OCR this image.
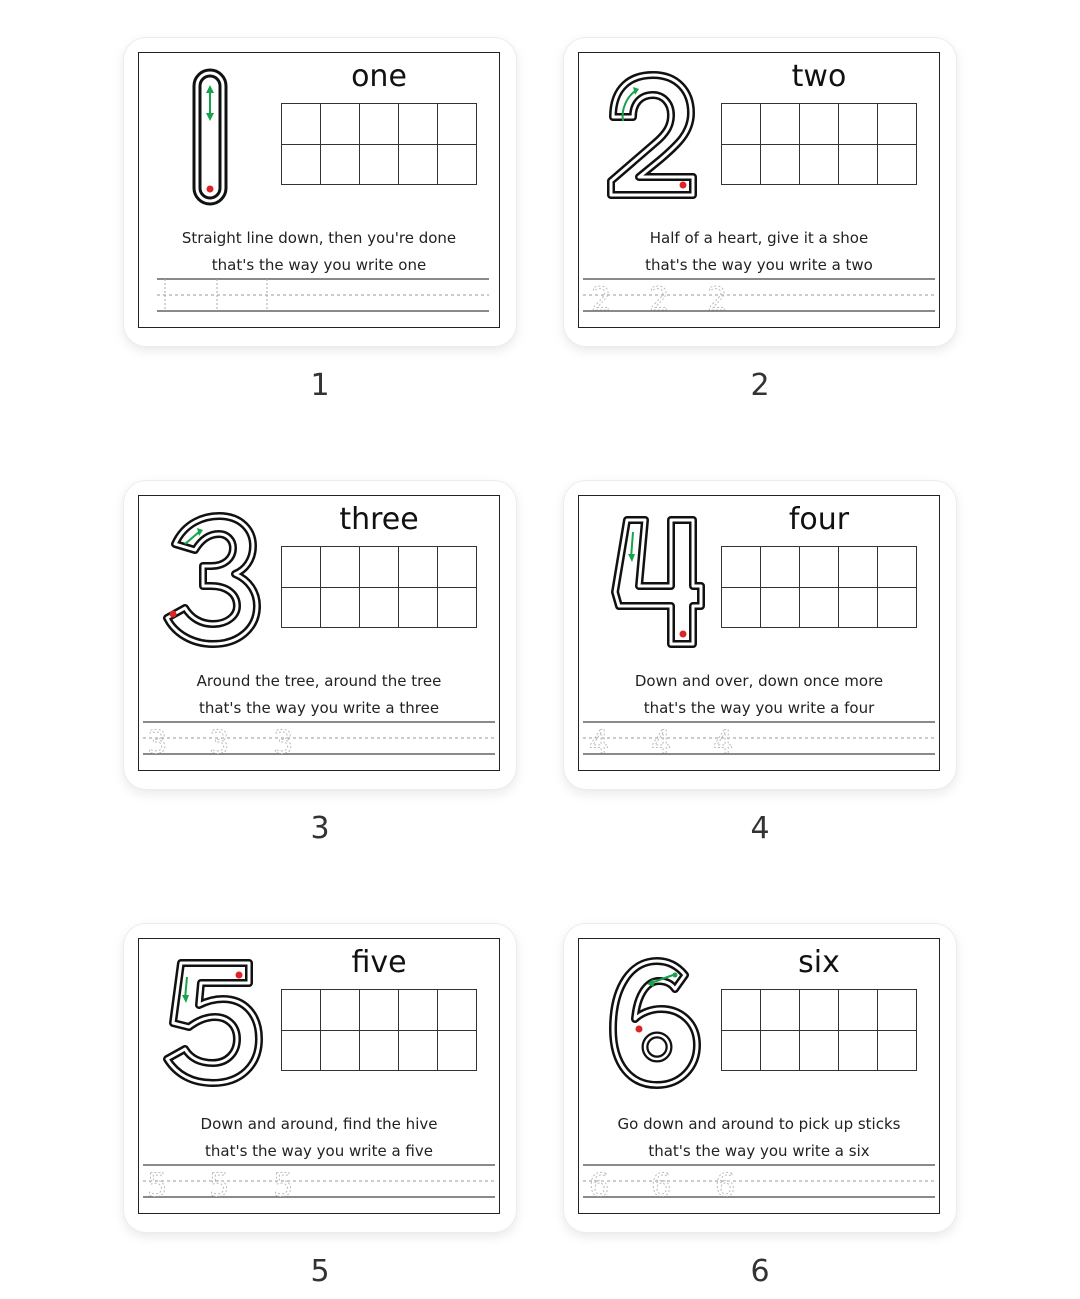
one
Straight line down, then you're done
that's the way you write one
1
two
Half of a heart, give it a shoe
that's the way you write a two
2 2 2
2
three
Around the tree, around the tree
that's the way you write a three
3 3 3
3
four
Down and over, down once more
that's the way you write a four
4 4 4
4
five
Down and around, find the hive
that's the way you write a five
5 5 5
5
six
Go down and around to pick up sticks
that's the way you write a six
6 6 6
6
